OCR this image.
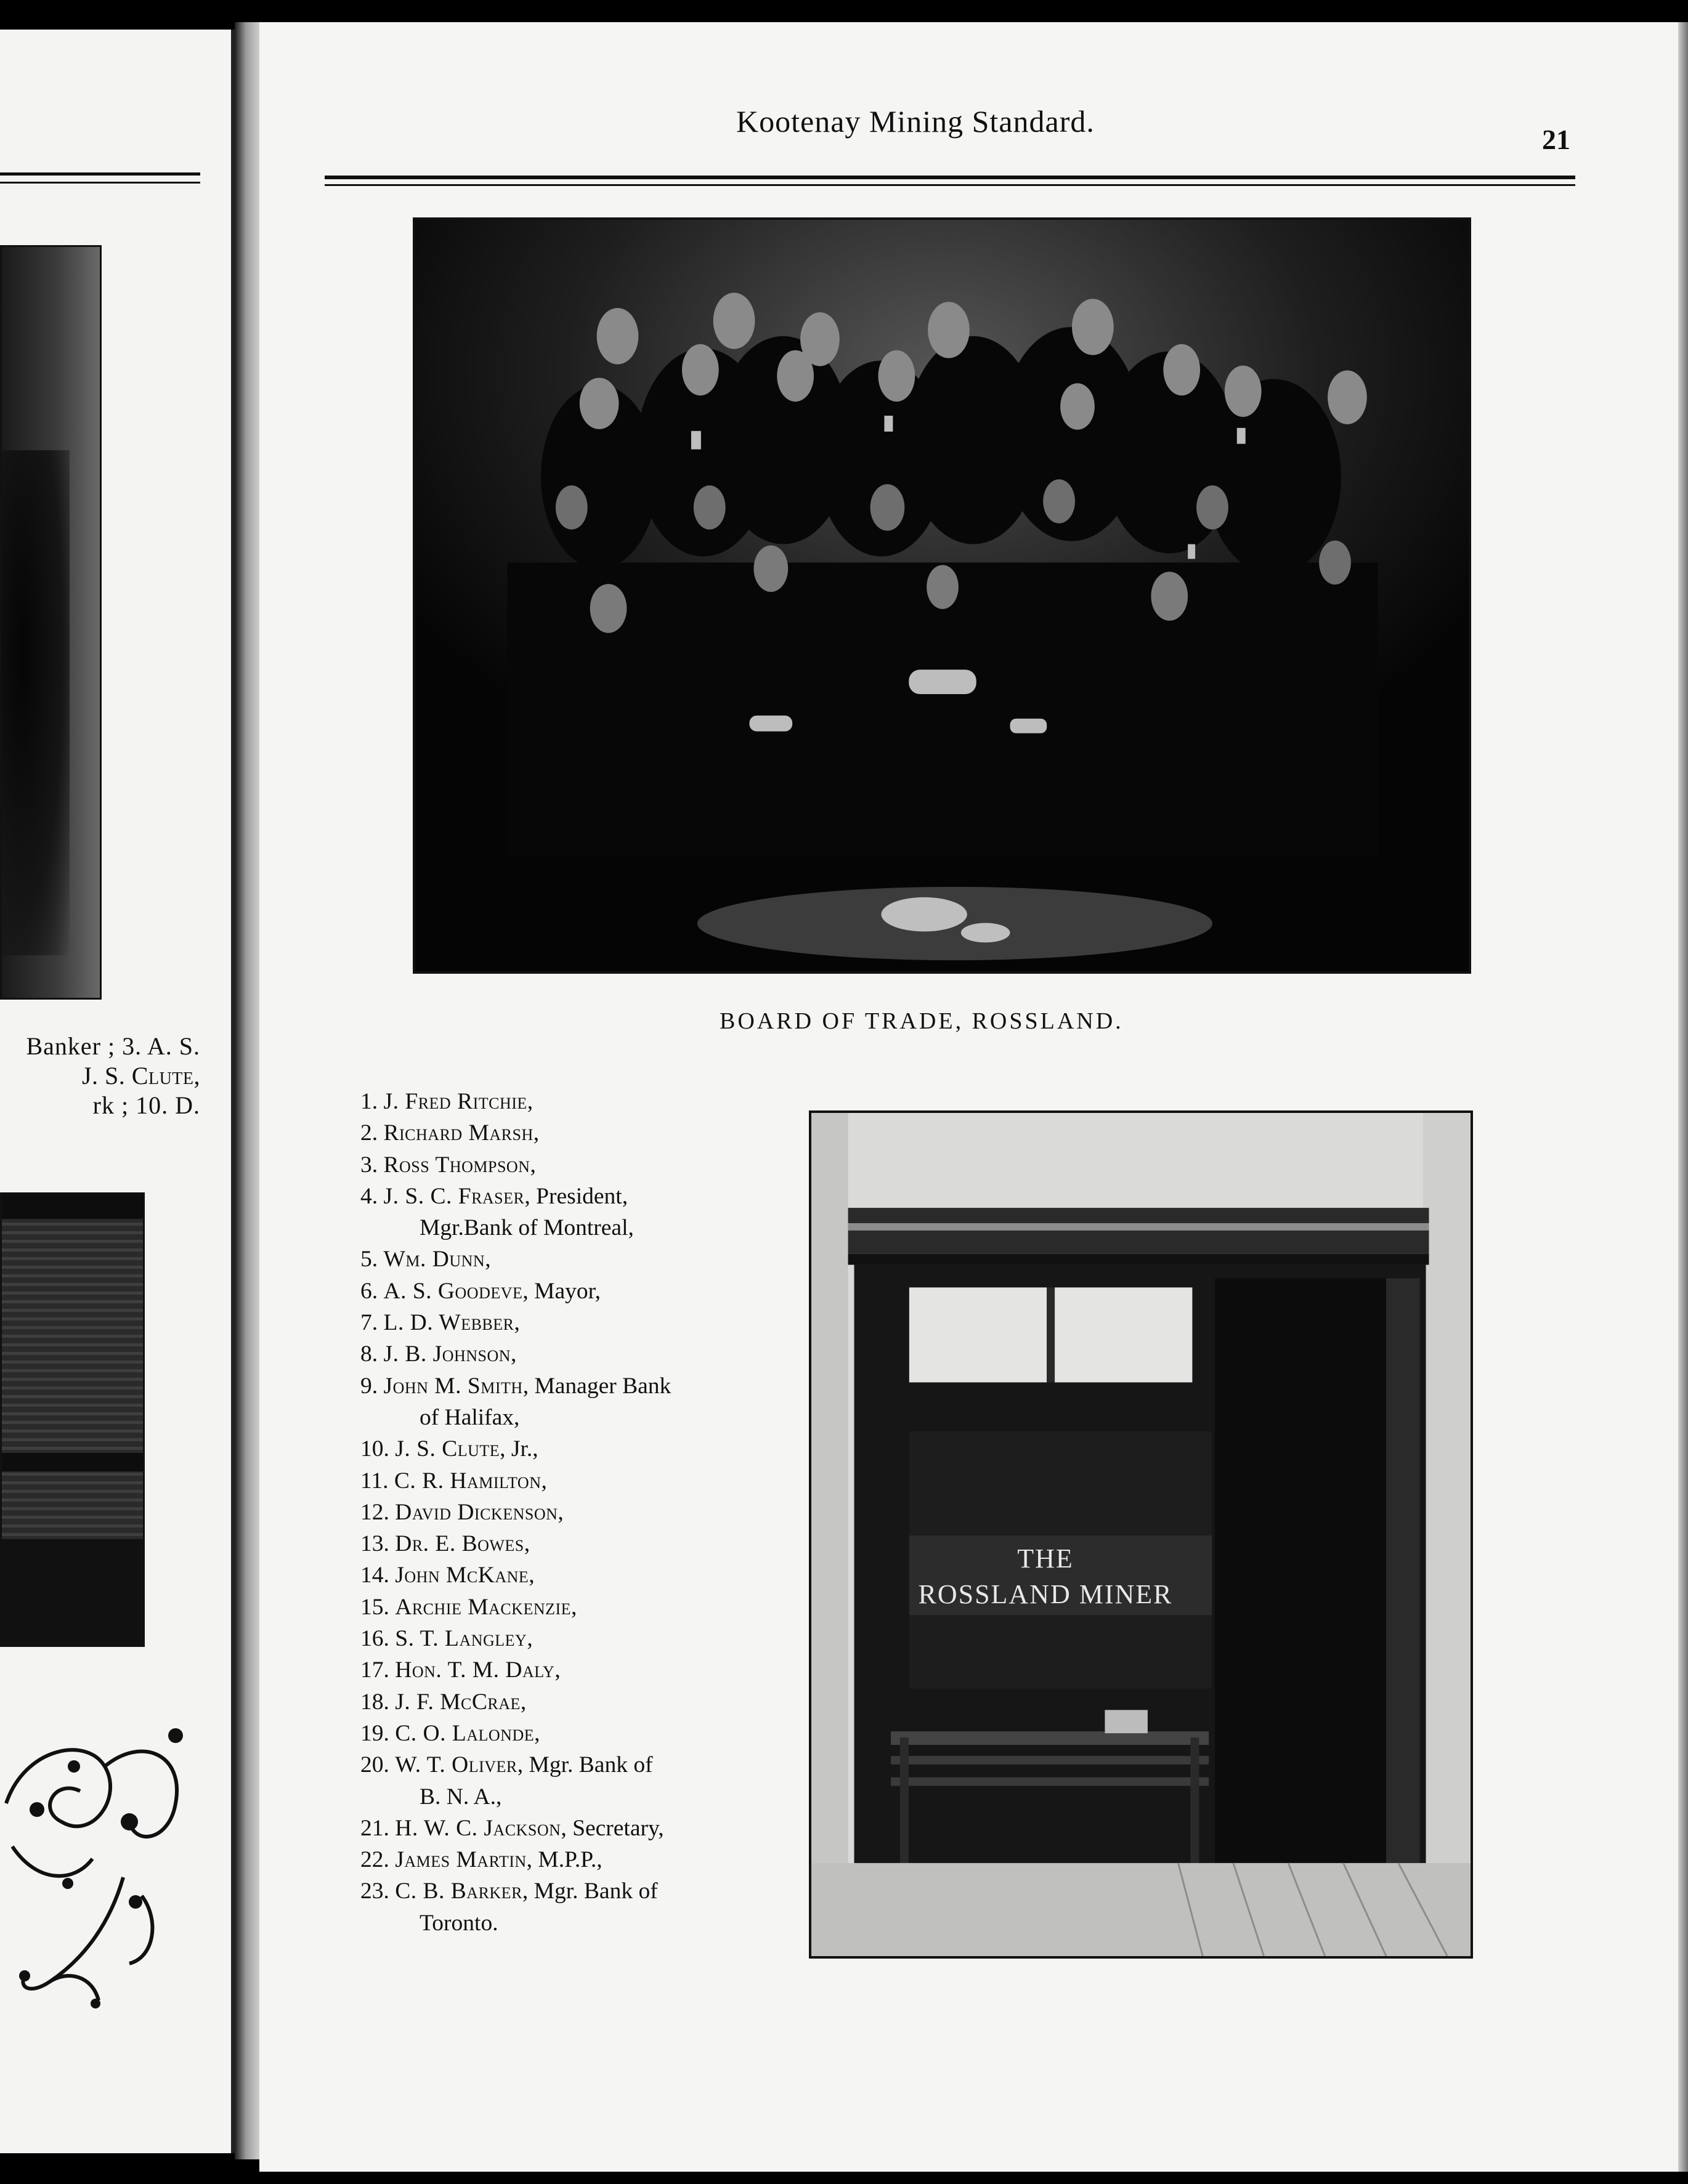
Banker ; 3. A. S.
J. S. Clute,
rk ; 10. D.
Kootenay Mining Standard.
21
BOARD OF TRADE, ROSSLAND.
1. J. Fred Ritchie,
2. Richard Marsh,
3. Ross Thompson,
4. J. S. C. Fraser, President,
Mgr.Bank of Montreal,
5. Wm. Dunn,
6. A. S. Goodeve, Mayor,
7. L. D. Webber,
8. J. B. Johnson,
9. John M. Smith, Manager Bank
of Halifax,
10. J. S. Clute, Jr.,
11. C. R. Hamilton,
12. David Dickenson,
13. Dr. E. Bowes,
14. John McKane,
15. Archie Mackenzie,
16. S. T. Langley,
17. Hon. T. M. Daly,
18. J. F. McCrae,
19. C. O. Lalonde,
20. W. T. Oliver, Mgr. Bank of
B. N. A.,
21. H. W. C. Jackson, Secretary,
22. James Martin, M.P.P.,
23. C. B. Barker, Mgr. Bank of
Toronto.
THE
ROSSLAND MINER
